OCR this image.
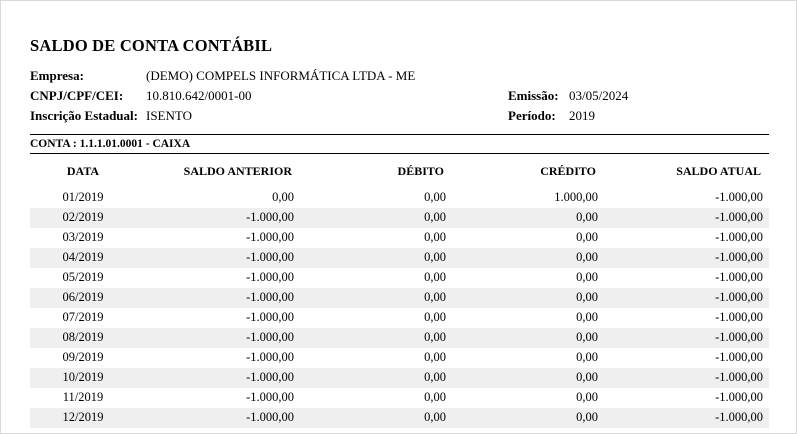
SALDO DE CONTA CONTÁBIL
Empresa:	(DEMO) COMPELS INFORMÁTICA LTDA - ME
CNPJ/CPF/CEI: 10.810.642/0001-00
Inscrição Estadual: ISENTO
Emissão: 03/05/2024
Período: 2019
CONTA : 1.1.1.01.0001 - CAIXA
DATA	SALDO ANTERIOR	DÉBITO	CRÉDITO	SALDO ATUAL
01/2019	0,00	0,00	1.000,00	-1.000,00
02/2019	-1.000,00	0,00	0,00	-1.000,00
03/2019	-1.000,00	0,00	0,00	-1.000,00
04/2019	-1.000,00	0,00	0,00	-1.000,00
05/2019	-1.000,00	0,00	0,00	-1.000,00
06/2019	-1.000,00	0,00	0,00	-1.000,00
07/2019	-1.000,00	0,00	0,00	-1.000,00
08/2019	-1.000,00	0,00	0,00	-1.000,00
09/2019	-1.000,00	0,00	0,00	-1.000,00
10/2019	-1.000,00	0,00	0,00	-1.000,00
11/2019	-1.000,00	0,00	0,00	-1.000,00
12/2019	-1.000,00	0,00	0,00	-1.000,00
